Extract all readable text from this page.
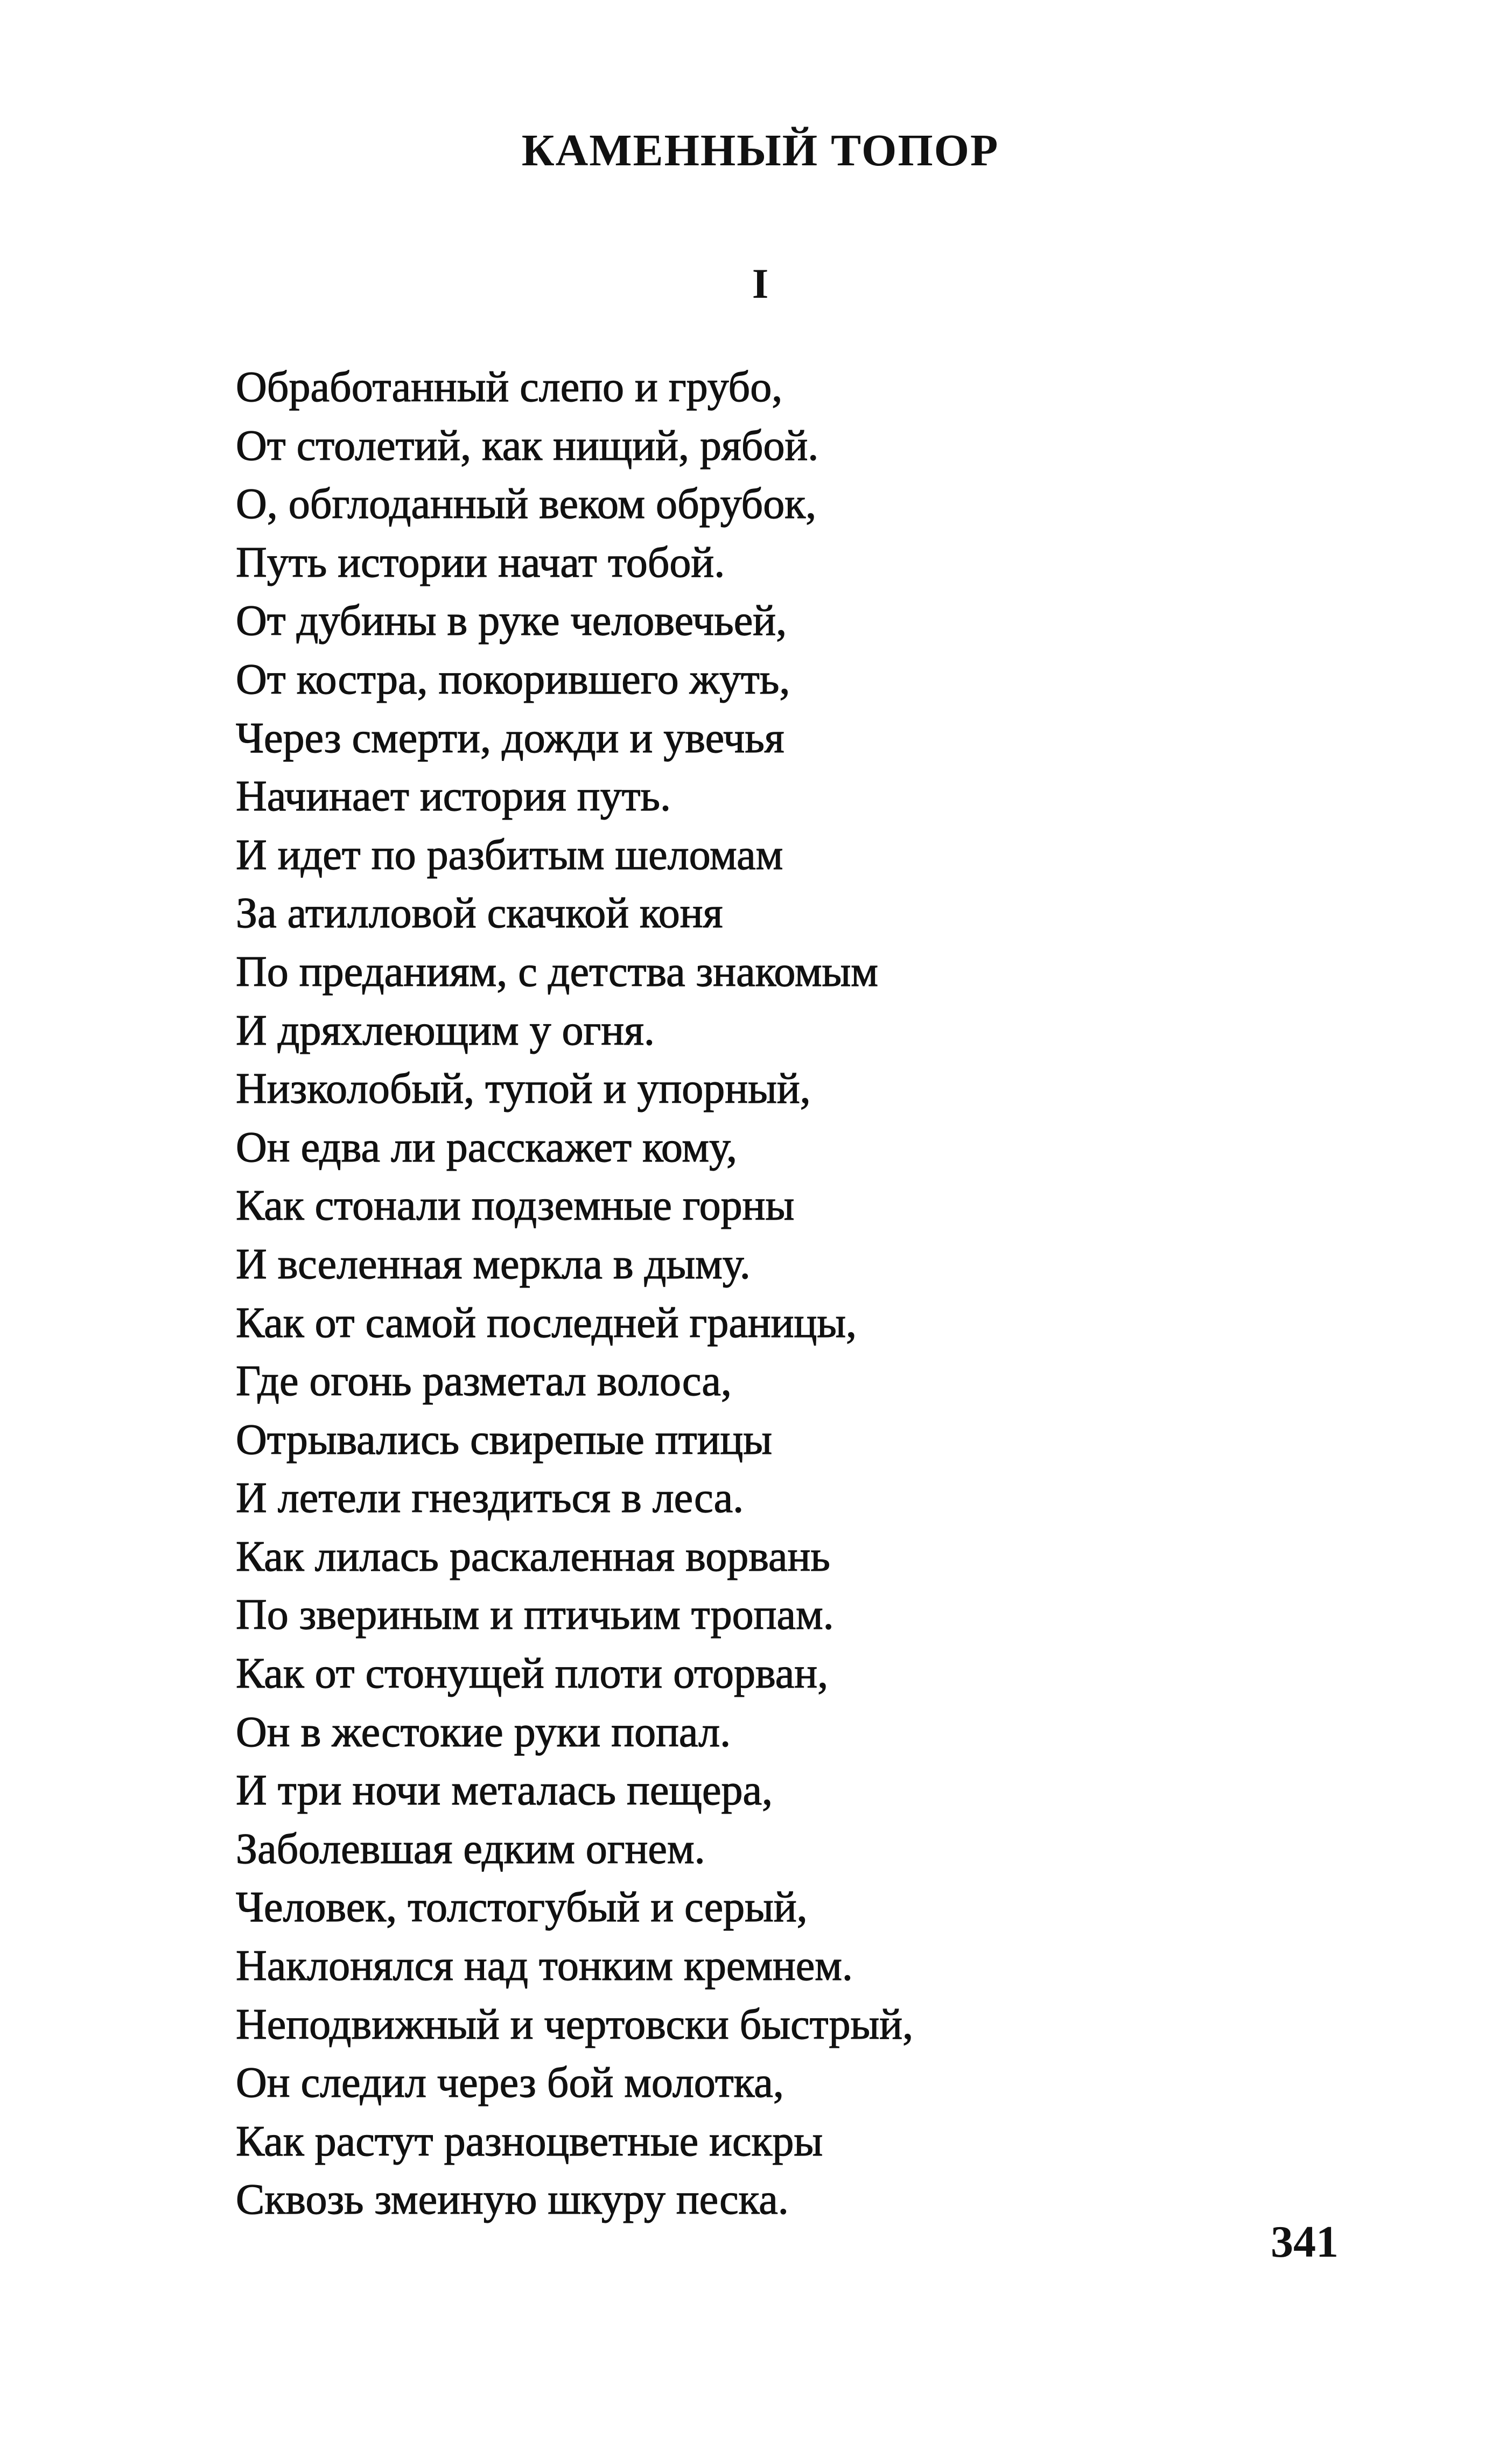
КАМЕННЫЙ ТОПОР
I
Обработанный слепо и грубо,
От столетий, как нищий, рябой.
О, обглоданный веком обрубок,
Путь истории начат тобой.
От дубины в руке человечьей,
От костра, покорившего жуть,
Через смерти, дожди и увечья
Начинает история путь.
И идет по разбитым шеломам
За атилловой скачкой коня
По преданиям, с детства знакомым
И дряхлеющим у огня.
Низколобый, тупой и упорный,
Он едва ли расскажет кому,
Как стонали подземные горны
И вселенная меркла в дыму.
Как от самой последней границы,
Где огонь разметал волоса,
Отрывались свирепые птицы
И летели гнездиться в леса.
Как лилась раскаленная ворвань
По звериным и птичьим тропам.
Как от стонущей плоти оторван,
Он в жестокие руки попал.
И три ночи металась пещера,
Заболевшая едким огнем.
Человек, толстогубый и серый,
Наклонялся над тонким кремнем.
Неподвижный и чертовски быстрый,
Он следил через бой молотка,
Как растут разноцветные искры
Сквозь змеиную шкуру песка.
341
